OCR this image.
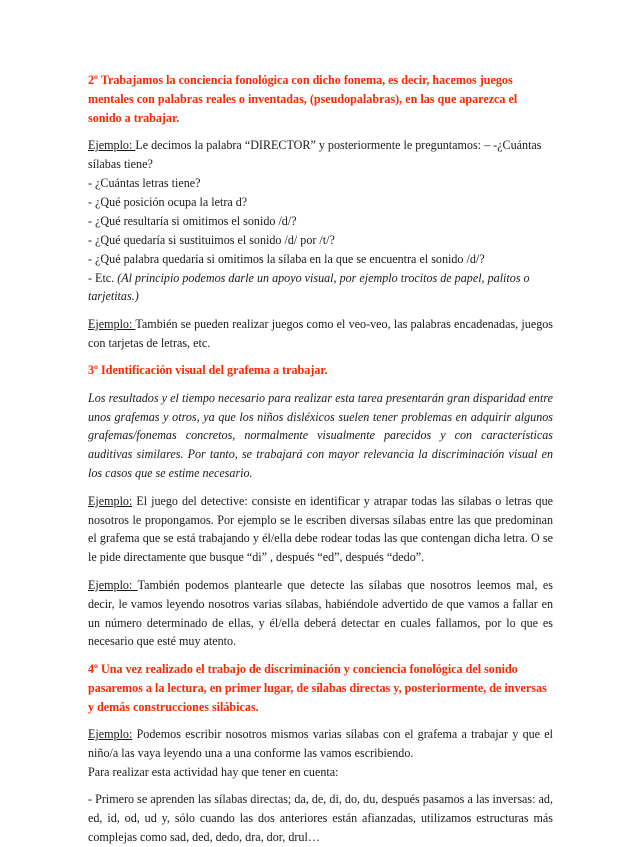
2º Trabajamos la conciencia fonológica con dicho fonema, es decir, hacemos juegos mentales con palabras reales o inventadas, (pseudopalabras), en las que aparezca el sonido a trabajar.

Ejemplo: Le decimos la palabra “DIRECTOR” y posteriormente le preguntamos: – -¿Cuántas sílabas tiene?

- ¿Cuántas letras tiene?

- ¿Qué posición ocupa la letra d?

- ¿Qué resultaría si omitimos el sonido /d/?

- ¿Qué quedaría si sustituimos el sonido /d/ por /t/?

- ¿Qué palabra quedaría si omitimos la sílaba en la que se encuentra el sonido /d/?

- Etc. (Al principio podemos darle un apoyo visual, por ejemplo trocitos de papel, palitos o tarjetitas.)

Ejemplo: También se pueden realizar juegos como el veo-veo, las palabras encadenadas, juegos con tarjetas de letras, etc.

3º Identificación visual del grafema a trabajar.

Los resultados y el tiempo necesario para realizar esta tarea presentarán gran disparidad entre unos grafemas y otros, ya que los niños disléxicos suelen tener problemas en adquirir algunos grafemas/fonemas concretos, normalmente visualmente parecidos y con características auditivas similares. Por tanto, se trabajará con mayor relevancia la discriminación visual en los casos que se estime necesario.

Ejemplo: El juego del detective: consiste en identificar y atrapar todas las sílabas o letras que nosotros le propongamos. Por ejemplo se le escriben diversas sílabas entre las que predominan el grafema que se está trabajando y él/ella debe rodear todas las que contengan dicha letra. O se le pide directamente que busque “di” , después “ed”, después “dedo”.

Ejemplo: También podemos plantearle que detecte las sílabas que nosotros leemos mal, es decir, le vamos leyendo nosotros varias sílabas, habiéndole advertido de que vamos a fallar en un número determinado de ellas, y él/ella deberá detectar en cuales fallamos, por lo que es necesario que esté muy atento.

4º Una vez realizado el trabajo de discriminación y conciencia fonológica del sonido pasaremos a la lectura, en primer lugar, de sílabas directas y, posteriormente, de inversas y demás construcciones silábicas.

Ejemplo: Podemos escribir nosotros mismos varias sílabas con el grafema a trabajar y que el niño/a las vaya leyendo una a una conforme las vamos escribiendo.

Para realizar esta actividad hay que tener en cuenta:

- Primero se aprenden las sílabas directas; da, de, di, do, du, después pasamos a las inversas: ad, ed, id, od, ud y, sólo cuando las dos anteriores están afianzadas, utilizamos estructuras más complejas como sad, ded, dedo, dra, dor, drul…
